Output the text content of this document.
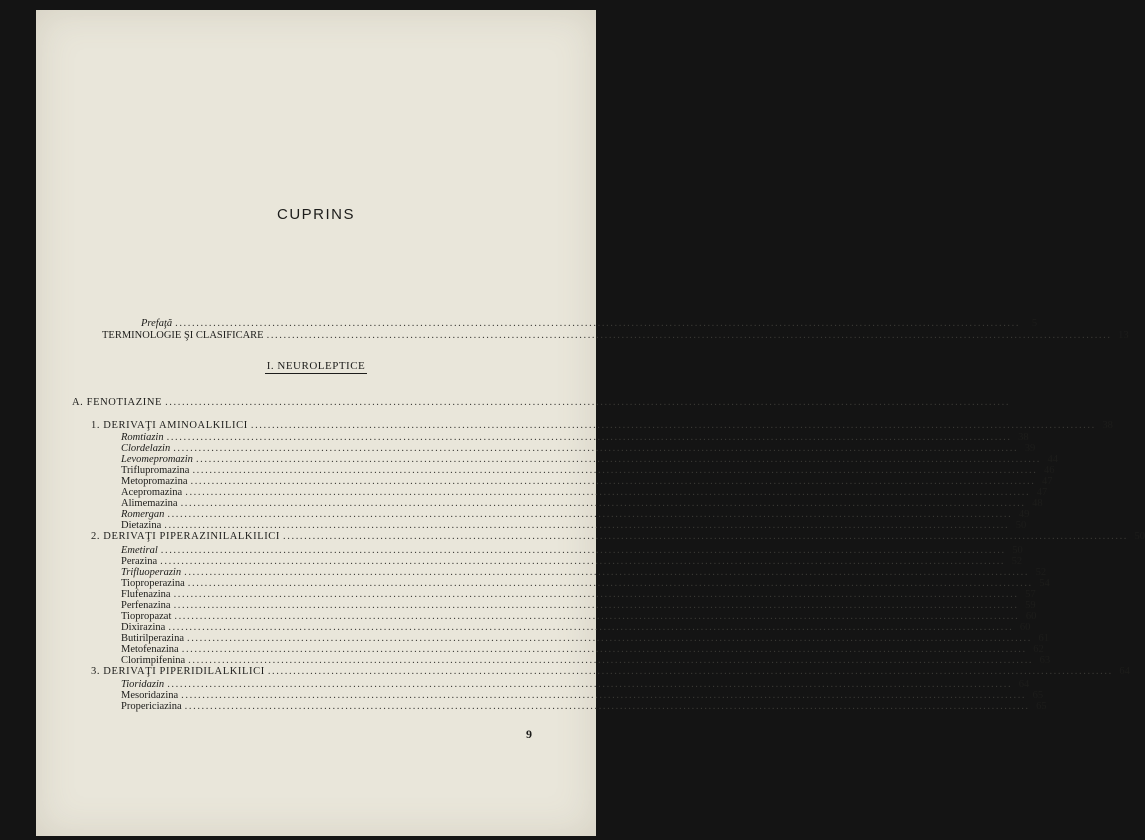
CUPRINS
Prefaţă ........................................................................................................................................................................................................	5
TERMINOLOGIE ŞI CLASIFICARE ........................................................................................................................................................................................................ 13
I. NEUROLEPTICE
A. FENOTIAZINE ........................................................................................................................................................................................................
1. DERIVAŢI AMINOALKILICI ........................................................................................................................................................................................................ 38
Romtiazin ........................................................................................................................................................................................................ 38
Clordelazin ........................................................................................................................................................................................................ 39
Levomepromazin ........................................................................................................................................................................................................ 44
Triflupromazina ........................................................................................................................................................................................................ 46
Metopromazina ........................................................................................................................................................................................................ 47
Acepromazina ........................................................................................................................................................................................................ 47
Alimemazina ........................................................................................................................................................................................................ 48
Romergan ........................................................................................................................................................................................................ 49
Dietazina ........................................................................................................................................................................................................ 50
2. DERIVAŢI PIPERAZINILALKILICI ........................................................................................................................................................................................................ 50
Emetiral ........................................................................................................................................................................................................ 50
Perazina ........................................................................................................................................................................................................ 52
Trifluoperazin ........................................................................................................................................................................................................ 52
Tioproperazina ........................................................................................................................................................................................................ 54
Flufenazina ........................................................................................................................................................................................................ 57
Perfenazina ........................................................................................................................................................................................................ 59
Tiopropazat ........................................................................................................................................................................................................ 60
Dixirazina ........................................................................................................................................................................................................ 60
Butirilperazina ........................................................................................................................................................................................................ 61
Metofenazina ........................................................................................................................................................................................................ 62
Clorimpifenina ........................................................................................................................................................................................................ 63
3. DERIVAŢI PIPERIDILALKILICI ........................................................................................................................................................................................................ 64
Tioridazin ........................................................................................................................................................................................................ 64
Mesoridazina ........................................................................................................................................................................................................ 65
Propericiazina ........................................................................................................................................................................................................ 65
9
